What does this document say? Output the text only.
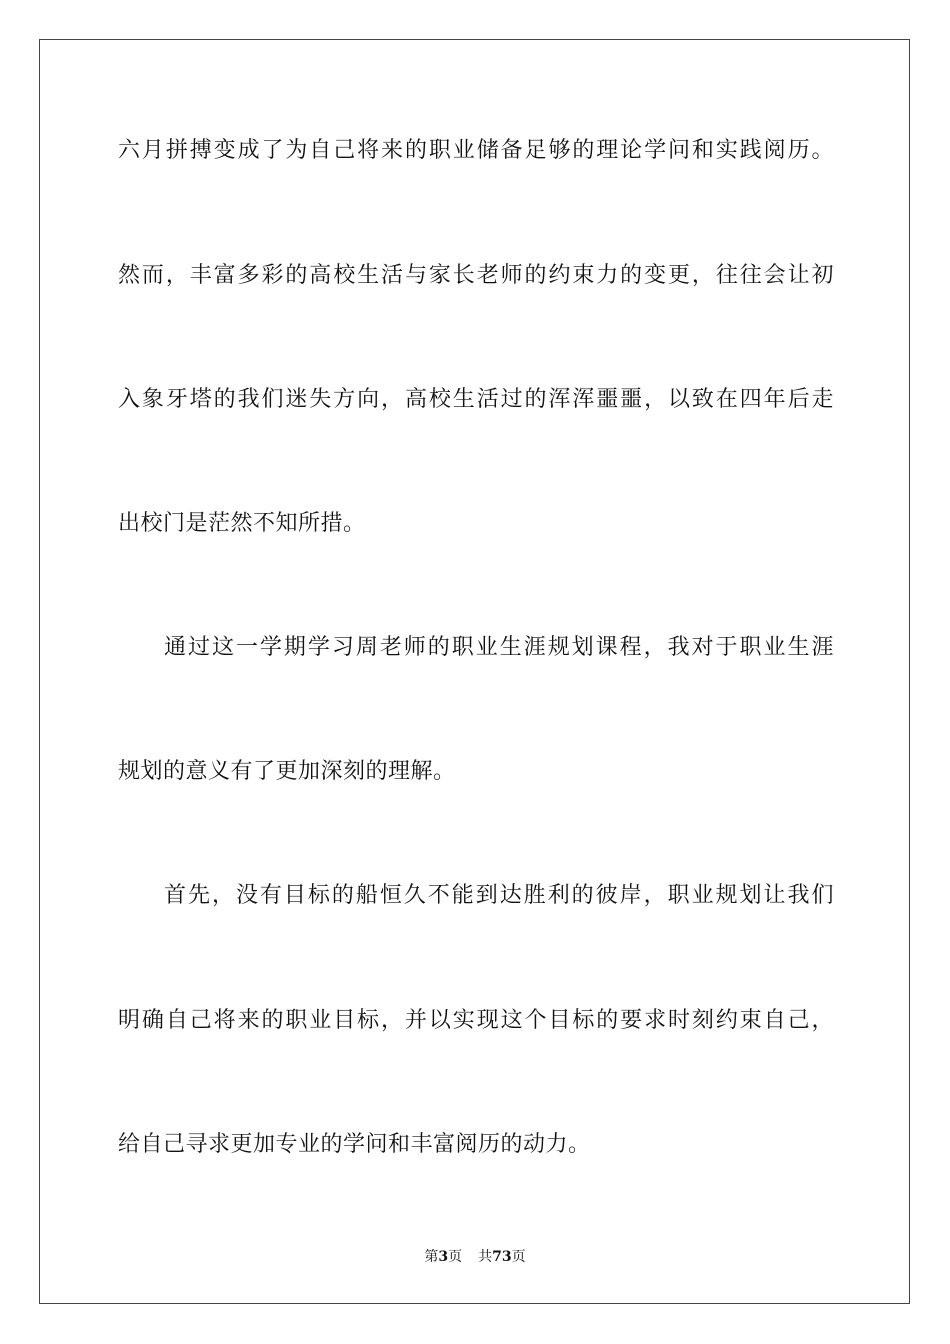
六月拼搏变成了为自己将来的职业储备足够的理论学问和实践阅历。
然而，丰富多彩的高校生活与家长老师的约束力的变更，往往会让初
入象牙塔的我们迷失方向，高校生活过的浑浑噩噩，以致在四年后走
出校门是茫然不知所措。
通过这一学期学习周老师的职业生涯规划课程，我对于职业生涯
规划的意义有了更加深刻的理解。
首先，没有目标的船恒久不能到达胜利的彼岸，职业规划让我们
明确自己将来的职业目标，并以实现这个目标的要求时刻约束自己，
给自己寻求更加专业的学问和丰富阅历的动力。
第3页 共73页
